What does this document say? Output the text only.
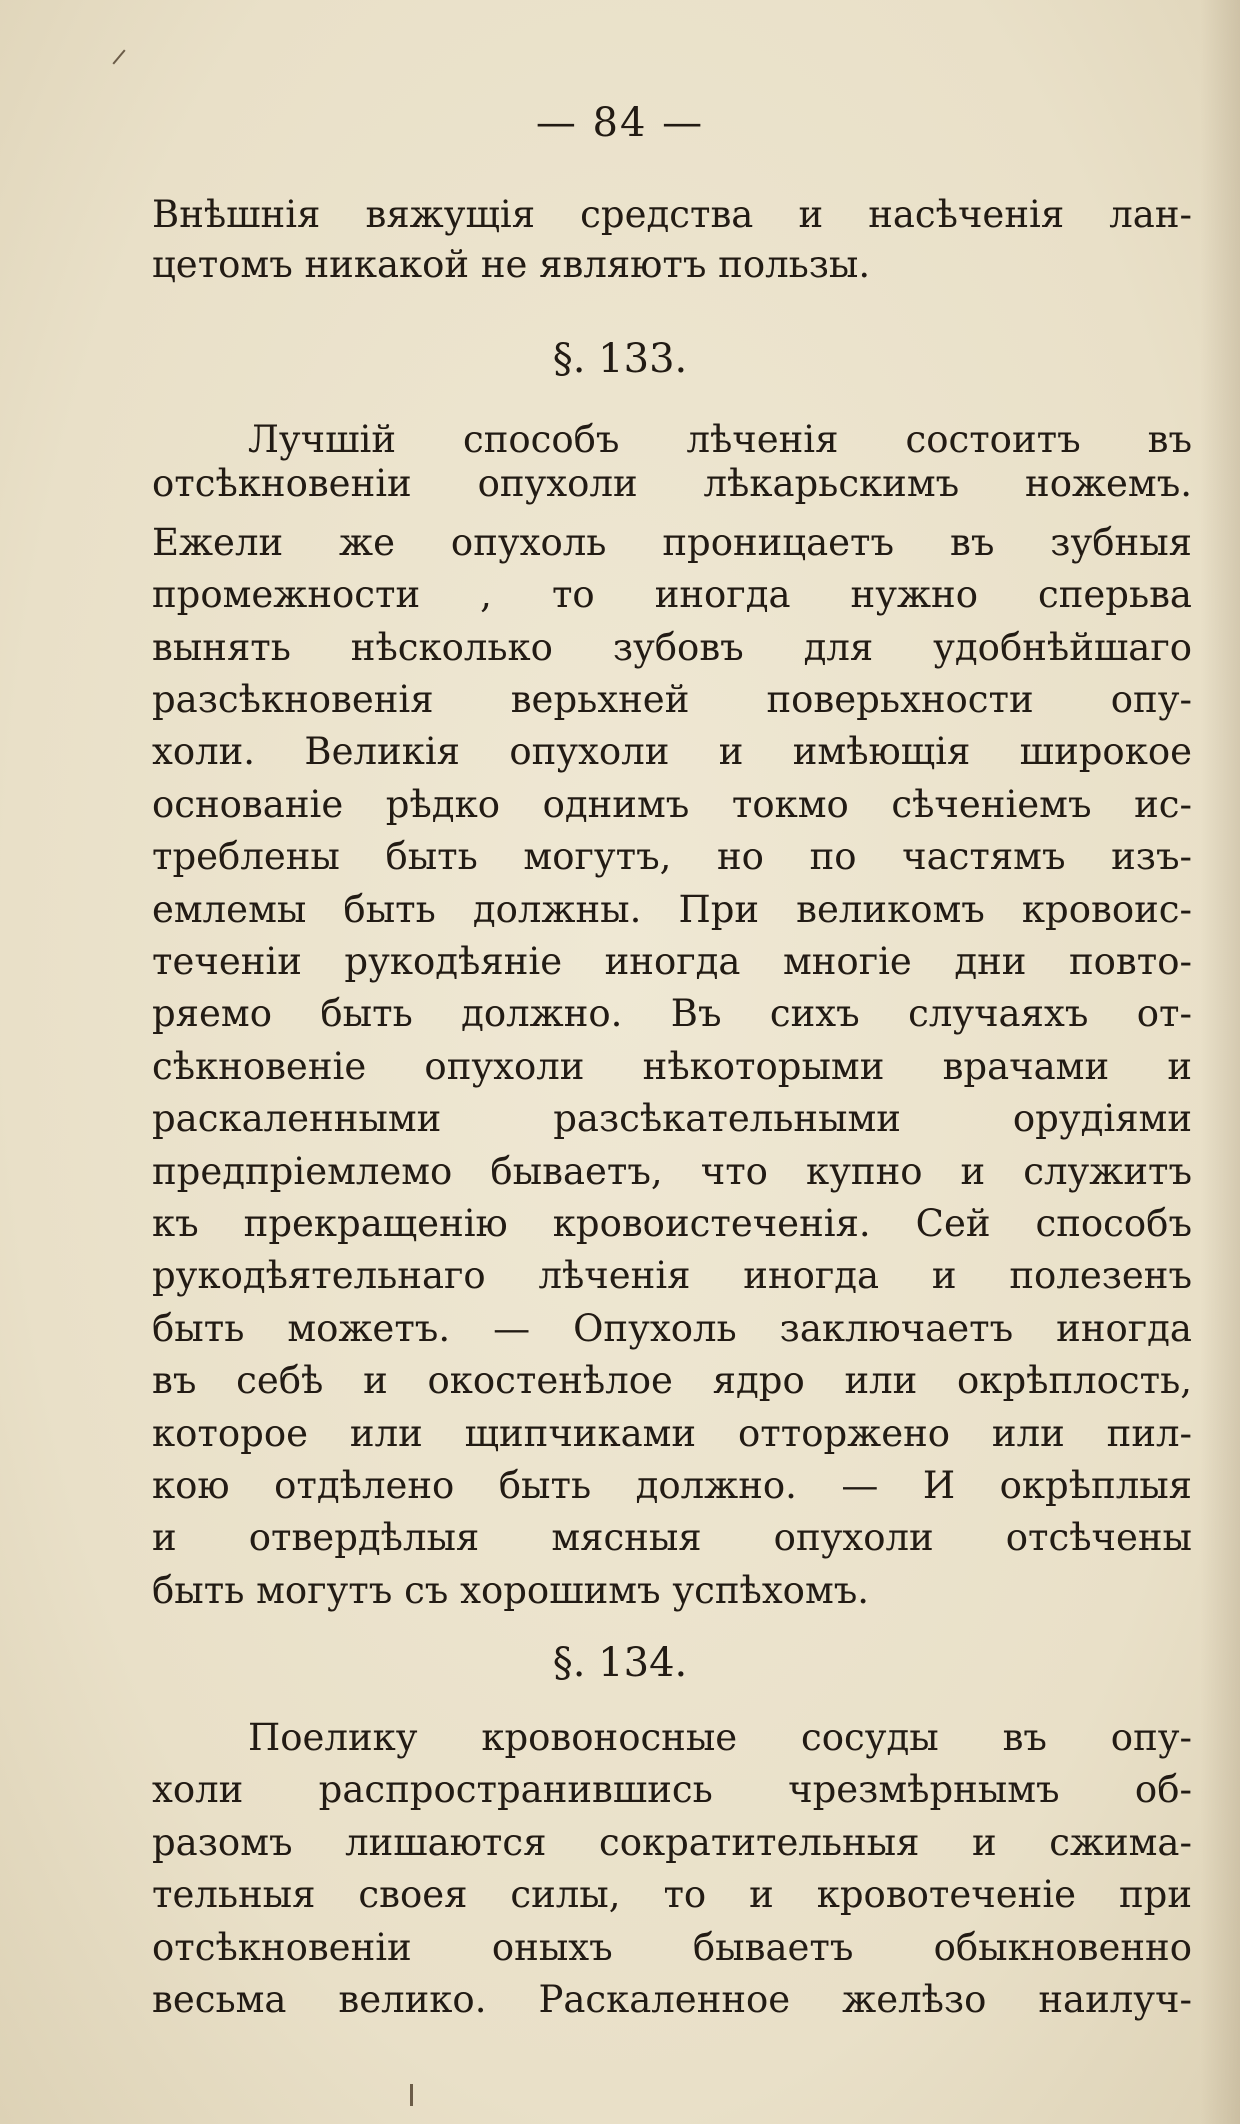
— 84 —
Внѣшнія вяжущія средства и насѣченія лан-
цетомъ никакой не являютъ пользы.
§. 133.
Лучшій способъ лѣченія состоитъ въ
отсѣкновеніи опухоли лѣкарьскимъ ножемъ.
Ежели же опухоль проницаетъ въ зубныя
промежности , то иногда нужно сперьва
вынять нѣсколько зубовъ для удобнѣйшаго
разсѣкновенія верьхней поверьхности опу-
холи. Великія опухоли и имѣющія широкое
основаніе рѣдко однимъ токмо сѣченіемъ ис-
треблены быть могутъ, но по частямъ изъ-
емлемы быть должны. При великомъ кровоис-
теченіи рукодѣяніе иногда многіе дни повто-
ряемо быть должно. Въ сихъ случаяхъ от-
сѣкновеніе опухоли нѣкоторыми врачами и
раскаленными разсѣкательными орудіями
предпріемлемо бываетъ, что купно и служитъ
къ прекращенію кровоистеченія. Сей способъ
рукодѣятельнаго лѣченія иногда и полезенъ
быть можетъ. — Опухоль заключаетъ иногда
въ себѣ и окостенѣлое ядро или окрѣплость,
которое или щипчиками отторжено или пил-
кою отдѣлено быть должно. — И окрѣплыя
и отвердѣлыя мясныя опухоли отсѣчены
быть могутъ съ хорошимъ успѣхомъ.
§. 134.
Поелику кровоносные сосуды въ опу-
холи распространившись чрезмѣрнымъ об-
разомъ лишаются сократительныя и сжима-
тельныя своея силы, то и кровотеченіе при
отсѣкновеніи оныхъ бываетъ обыкновенно
весьма велико. Раскаленное желѣзо наилуч-
